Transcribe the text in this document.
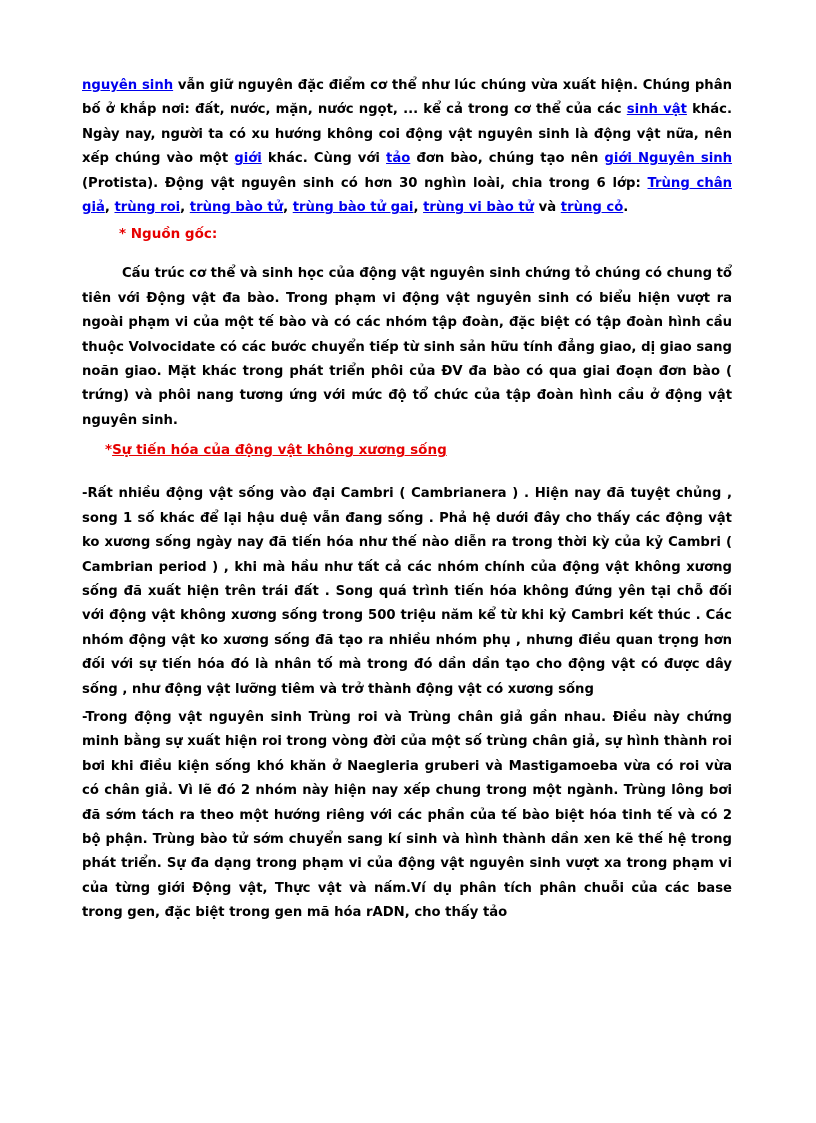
nguyên sinh vẫn giữ nguyên đặc điểm cơ thể như lúc chúng vừa xuất hiện. Chúng phân bố ở khắp nơi: đất, nước, mặn, nước ngọt, ... kể cả trong cơ thể của các sinh vật khác. Ngày nay, người ta có xu hướng không coi động vật nguyên sinh là động vật nữa, nên xếp chúng vào một giới khác. Cùng với tảo đơn bào, chúng tạo nên giới Nguyên sinh (Protista). Động vật nguyên sinh có hơn 30 nghìn loài, chia trong 6 lớp: Trùng chân giả, trùng roi, trùng bào tử, trùng bào tử gai, trùng vi bào tử và trùng cỏ.

* Nguồn gốc:

Cấu trúc cơ thể và sinh học của động vật nguyên sinh chứng tỏ chúng có chung tổ tiên với Động vật đa bào. Trong phạm vi động vật nguyên sinh có biểu hiện vượt ra ngoài phạm vi của một tế bào và có các nhóm tập đoàn, đặc biệt có tập đoàn hình cầu thuộc Volvocidate có các bước chuyển tiếp từ sinh sản hữu tính đẳng giao, dị giao sang noãn giao. Mặt khác trong phát triển phôi của ĐV đa bào có qua giai đoạn đơn bào ( trứng) và phôi nang tương ứng với mức độ tổ chức của tập đoàn hình cầu ở động vật nguyên sinh.

*Sự tiến hóa của động vật không xương sống

-Rất nhiều động vật sống vào đại Cambri ( Cambrianera ) . Hiện nay đã tuyệt chủng , song 1 số khác để lại hậu duệ vẫn đang sống . Phả hệ dưới đây cho thấy các động vật ko xương sống ngày nay đã tiến hóa như thế nào diễn ra trong thời kỳ của kỷ Cambri ( Cambrian period ) , khi mà hầu như tất cả các nhóm chính của động vật không xương sống đã xuất hiện trên trái đất . Song quá trình tiến hóa không đứng yên tại chỗ đối với động vật không xương sống trong 500 triệu năm kể từ khi kỷ Cambri kết thúc . Các nhóm động vật ko xương sống đã tạo ra nhiều nhóm phụ , nhưng điều quan trọng hơn đối với sự tiến hóa đó là nhân tố mà trong đó dần dần tạo cho động vật có được dây sống , như động vật lưỡng tiêm và trở thành động vật có xương sống

-Trong động vật nguyên sinh Trùng roi và Trùng chân giả gần nhau. Điều này chứng minh bằng sự xuất hiện roi trong vòng đời của một số trùng chân giả, sự hình thành roi bơi khi điều kiện sống khó khăn ở Naegleria gruberi và Mastigamoeba vừa có roi vừa có chân giả. Vì lẽ đó 2 nhóm này hiện nay xếp chung trong một ngành. Trùng lông bơi đã sớm tách ra theo một hướng riêng với các phần của tế bào biệt hóa tinh tế và có 2 bộ phận. Trùng bào tử sớm chuyển sang kí sinh và hình thành dần xen kẽ thế hệ trong phát triển. Sự đa dạng trong phạm vi của động vật nguyên sinh vượt xa trong phạm vi của từng giới Động vật, Thực vật và nấm.Ví dụ phân tích phân chuỗi của các base trong gen, đặc biệt trong gen mã hóa rADN, cho thấy tảo
